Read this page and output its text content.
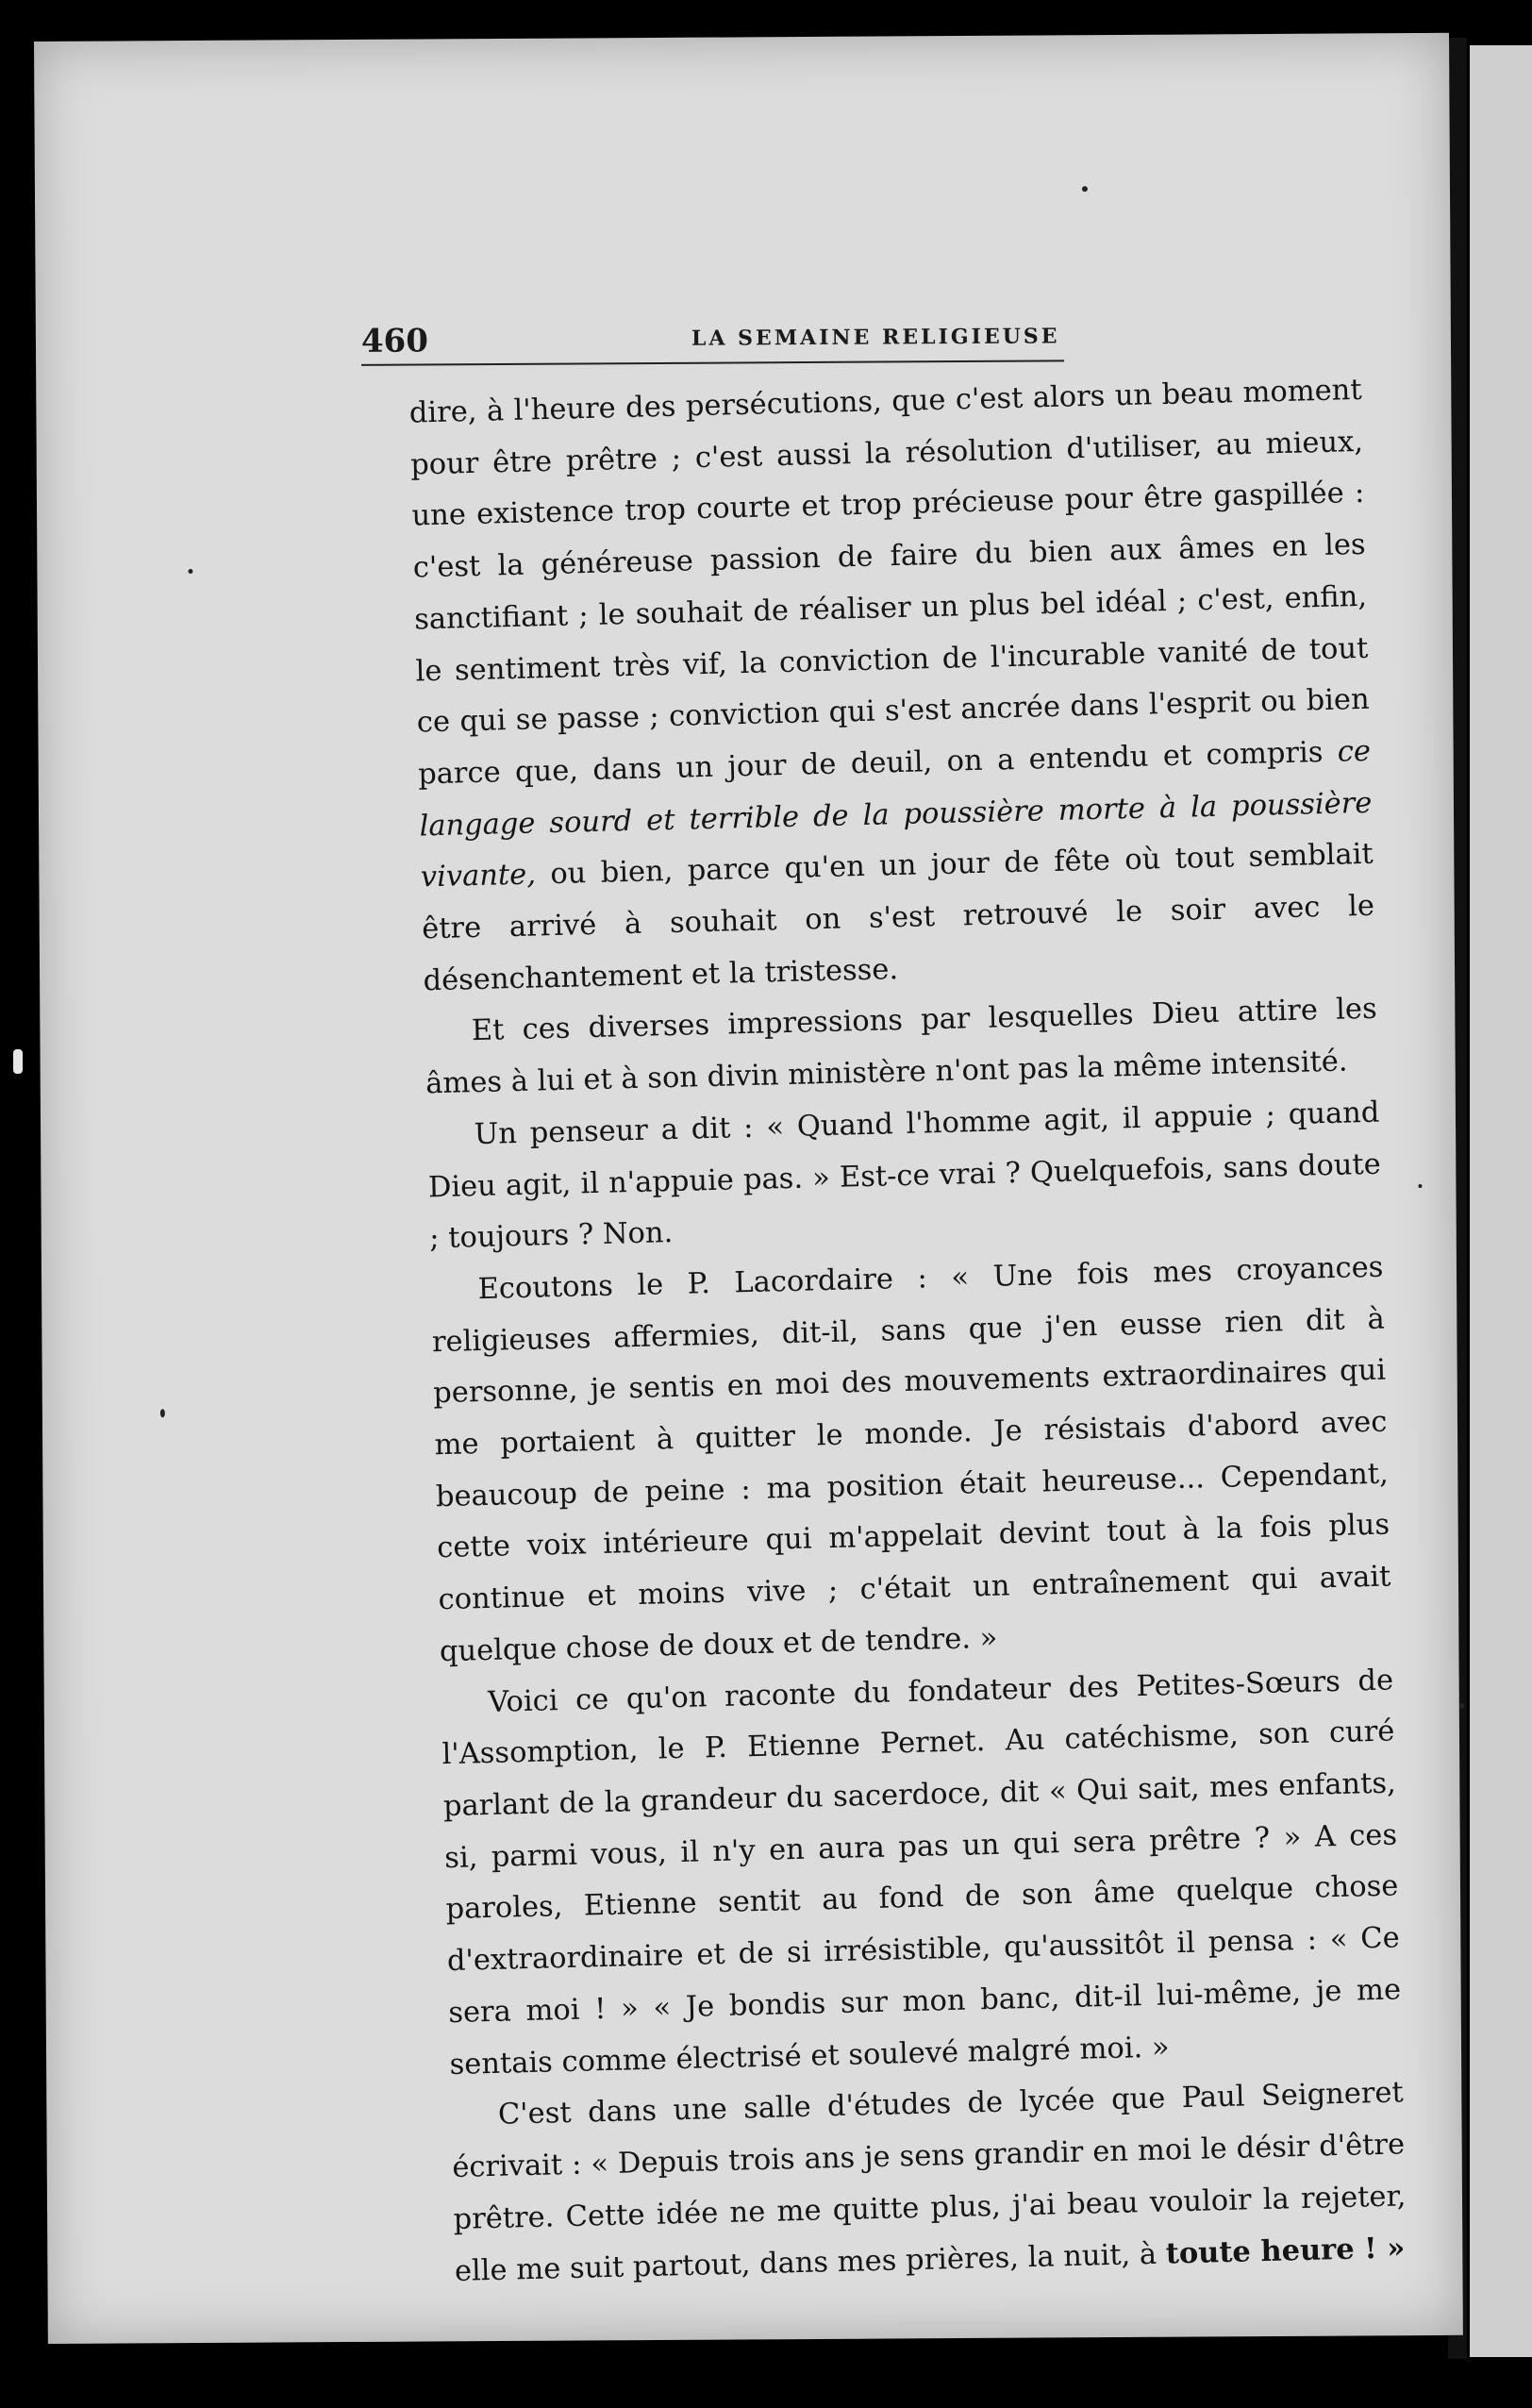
460	LA SEMAINE RELIGIEUSE

dire, à l'heure des persécutions, que c'est alors un beau moment pour être prêtre ; c'est aussi la résolution d'utiliser, au mieux, une existence trop courte et trop précieuse pour être gaspillée : c'est la généreuse passion de faire du bien aux âmes en les sanctifiant ; le souhait de réaliser un plus bel idéal ; c'est, enfin, le sentiment très vif, la conviction de l'incurable vanité de tout ce qui se passe ; conviction qui s'est ancrée dans l'esprit ou bien parce que, dans un jour de deuil, on a entendu et compris ce langage sourd et terrible de la poussière morte à la poussière vivante, ou bien, parce qu'en un jour de fête où tout semblait être arrivé à souhait on s'est retrouvé le soir avec le désenchantement et la tristesse.

Et ces diverses impressions par lesquelles Dieu attire les âmes à lui et à son divin ministère n'ont pas la même intensité.

Un penseur a dit : « Quand l'homme agit, il appuie ; quand Dieu agit, il n'appuie pas. » Est-ce vrai ? Quelquefois, sans doute ; toujours ? Non.

Ecoutons le P. Lacordaire : « Une fois mes croyances religieuses affermies, dit-il, sans que j'en eusse rien dit à personne, je sentis en moi des mouvements extraordinaires qui me portaient à quitter le monde. Je résistais d'abord avec beaucoup de peine : ma position était heureuse... Cependant, cette voix intérieure qui m'appelait devint tout à la fois plus continue et moins vive ; c'était un entraînement qui avait quelque chose de doux et de tendre. »

Voici ce qu'on raconte du fondateur des Petites-Sœurs de l'Assomption, le P. Etienne Pernet. Au catéchisme, son curé parlant de la grandeur du sacerdoce, dit « Qui sait, mes enfants, si, parmi vous, il n'y en aura pas un qui sera prêtre ? » A ces paroles, Etienne sentit au fond de son âme quelque chose d'extraordinaire et de si irrésistible, qu'aussitôt il pensa : « Ce sera moi ! » « Je bondis sur mon banc, dit-il lui-même, je me sentais comme électrisé et soulevé malgré moi. »

C'est dans une salle d'études de lycée que Paul Seigneret écrivait : « Depuis trois ans je sens grandir en moi le désir d'être prêtre. Cette idée ne me quitte plus, j'ai beau vouloir la rejeter, elle me suit partout, dans mes prières, la nuit, à toute heure ! »
